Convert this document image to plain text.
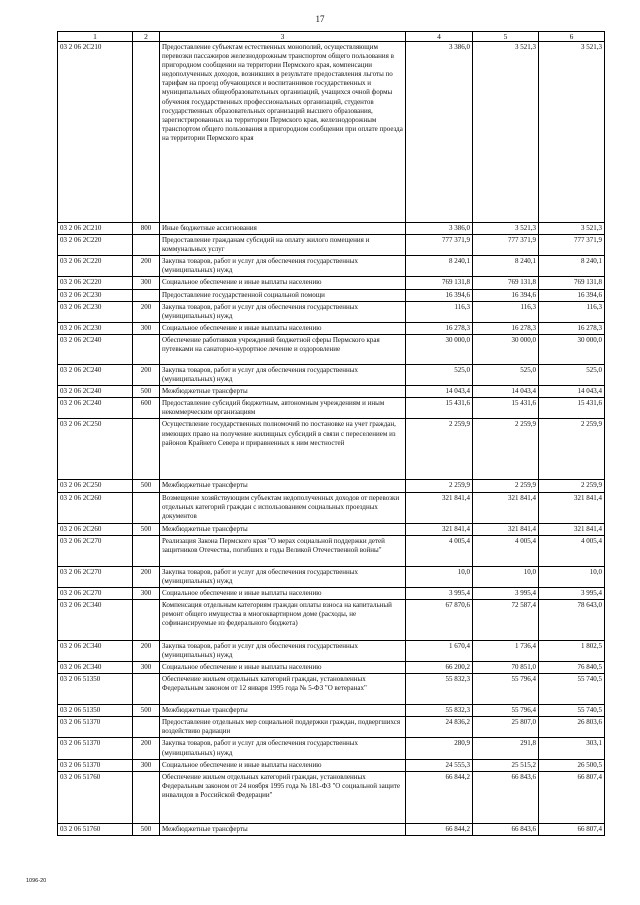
17
1	2	3	4	5	6
03 2 06 2С210		Предоставление субъектам естественных монополий, осуществляющим перевозки пассажиров железнодорожным транспортом общего пользования в пригородном сообщении на территории Пермского края, компенсации недополученных доходов, возникших в результате предоставления льготы по тарифам на проезд обучающихся и воспитанников государственных и муниципальных общеобразовательных организаций, учащихся очной формы обучения государственных профессиональных организаций, студентов государственных образовательных организаций высшего образования, зарегистрированных на территории Пермского края, железнодорожным транспортом общего пользования в пригородном сообщении при оплате проезда на территории Пермского края	3 386,0	3 521,3	3 521,3
03 2 06 2С210	800	Иные бюджетные ассигнования	3 386,0	3 521,3	3 521,3
03 2 06 2С220		Предоставление гражданам субсидий на оплату жилого помещения и коммунальных услуг	777 371,9	777 371,9	777 371,9
03 2 06 2С220	200	Закупка товаров, работ и услуг для обеспечения государственных (муниципальных) нужд	8 240,1	8 240,1	8 240,1
03 2 06 2С220	300	Социальное обеспечение и иные выплаты населению	769 131,8	769 131,8	769 131,8
03 2 06 2С230		Предоставление государственной социальной помощи	16 394,6	16 394,6	16 394,6
03 2 06 2С230	200	Закупка товаров, работ и услуг для обеспечения государственных (муниципальных) нужд	116,3	116,3	116,3
03 2 06 2С230	300	Социальное обеспечение и иные выплаты населению	16 278,3	16 278,3	16 278,3
03 2 06 2С240		Обеспечение работников учреждений бюджетной сферы Пермского края путевками на санаторно-курортное лечение и оздоровление	30 000,0	30 000,0	30 000,0
03 2 06 2С240	200	Закупка товаров, работ и услуг для обеспечения государственных (муниципальных) нужд	525,0	525,0	525,0
03 2 06 2С240	500	Межбюджетные трансферты	14 043,4	14 043,4	14 043,4
03 2 06 2С240	600	Предоставление субсидий бюджетным, автономным учреждениям и иным некоммерческим организациям	15 431,6	15 431,6	15 431,6
03 2 06 2С250		Осуществление государственных полномочий по постановке на учет граждан, имеющих право на получение жилищных субсидий в связи с переселением из районов Крайнего Севера и приравненных к ним местностей	2 259,9	2 259,9	2 259,9
03 2 06 2С250	500	Межбюджетные трансферты	2 259,9	2 259,9	2 259,9
03 2 06 2С260		Возмещение хозяйствующим субъектам недополученных доходов от перевозки отдельных категорий граждан с использованием социальных проездных документов	321 841,4	321 841,4	321 841,4
03 2 06 2С260	500	Межбюджетные трансферты	321 841,4	321 841,4	321 841,4
03 2 06 2С270		Реализация Закона Пермского края "О мерах социальной поддержки детей защитников Отечества, погибших в годы Великой Отечественной войны"	4 005,4	4 005,4	4 005,4
03 2 06 2С270	200	Закупка товаров, работ и услуг для обеспечения государственных (муниципальных) нужд	10,0	10,0	10,0
03 2 06 2С270	300	Социальное обеспечение и иные выплаты населению	3 995,4	3 995,4	3 995,4
03 2 06 2С340		Компенсация отдельным категориям граждан оплаты взноса на капитальный ремонт общего имущества в многоквартирном доме (расходы, не софинансируемые из федерального бюджета)	67 870,6	72 587,4	78 643,0
03 2 06 2С340	200	Закупка товаров, работ и услуг для обеспечения государственных (муниципальных) нужд	1 670,4	1 736,4	1 802,5
03 2 06 2С340	300	Социальное обеспечение и иные выплаты населению	66 200,2	70 851,0	76 840,5
03 2 06 51350		Обеспечение жильем отдельных категорий граждан, установленных Федеральным законом от 12 января 1995 года № 5-ФЗ "О ветеранах"	55 832,3	55 796,4	55 740,5
03 2 06 51350	500	Межбюджетные трансферты	55 832,3	55 796,4	55 740,5
03 2 06 51370		Предоставление отдельных мер социальной поддержки граждан, подвергшихся воздействию радиации	24 836,2	25 807,0	26 803,6
03 2 06 51370	200	Закупка товаров, работ и услуг для обеспечения государственных (муниципальных) нужд	280,9	291,8	303,1
03 2 06 51370	300	Социальное обеспечение и иные выплаты населению	24 555,3	25 515,2	26 500,5
03 2 06 51760		Обеспечение жильем отдельных категорий граждан, установленных Федеральным законом от 24 ноября 1995 года № 181-ФЗ "О социальной защите инвалидов в Российской Федерации"	66 844,2	66 843,6	66 807,4
03 2 06 51760	500	Межбюджетные трансферты	66 844,2	66 843,6	66 807,4
1096-20
